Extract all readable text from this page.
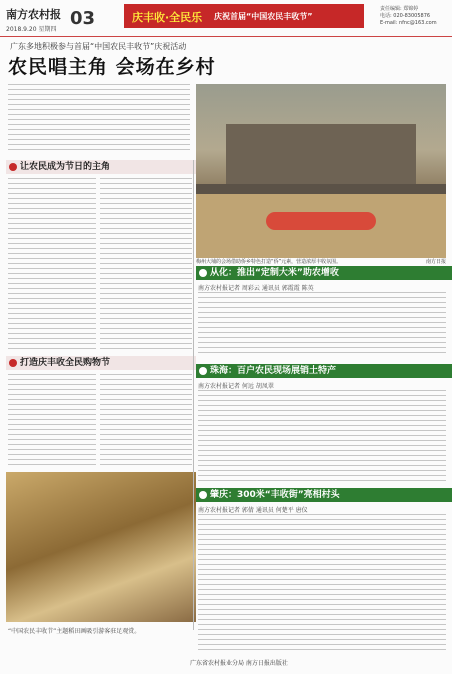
南方农村报
2018.9.20 星期四
03	庆丰收·全民乐 庆祝首届“中国农民丰收节”
责任编辑: 郑锦婷
电话: 020-83005876
E-mail: nfnc@163.com
广东多地积极参与首届“中国农民丰收节”庆祝活动
农民唱主角 会场在乡村
梅州大埔的会场借助侨乡特色打造“侨”元素，营造浓厚丰收氛围。	南方日报
让农民成为节日的主角
从化：推出“定制大米”助农增收
南方农村报记者 周彩云 通讯员 郭霞霞 陈英
珠海：百户农民现场展销土特产
南方农村报记者 何远 胡凤翠
打造庆丰收全民购物节
“中国农民丰收节”主题稻田画吸引游客驻足观赏。
肇庆：300米“丰收街”亮相村头
南方农村报记者 郭倩 通讯员 何楚平 唐仪
广东省农村报业分局 南方日报出版社
